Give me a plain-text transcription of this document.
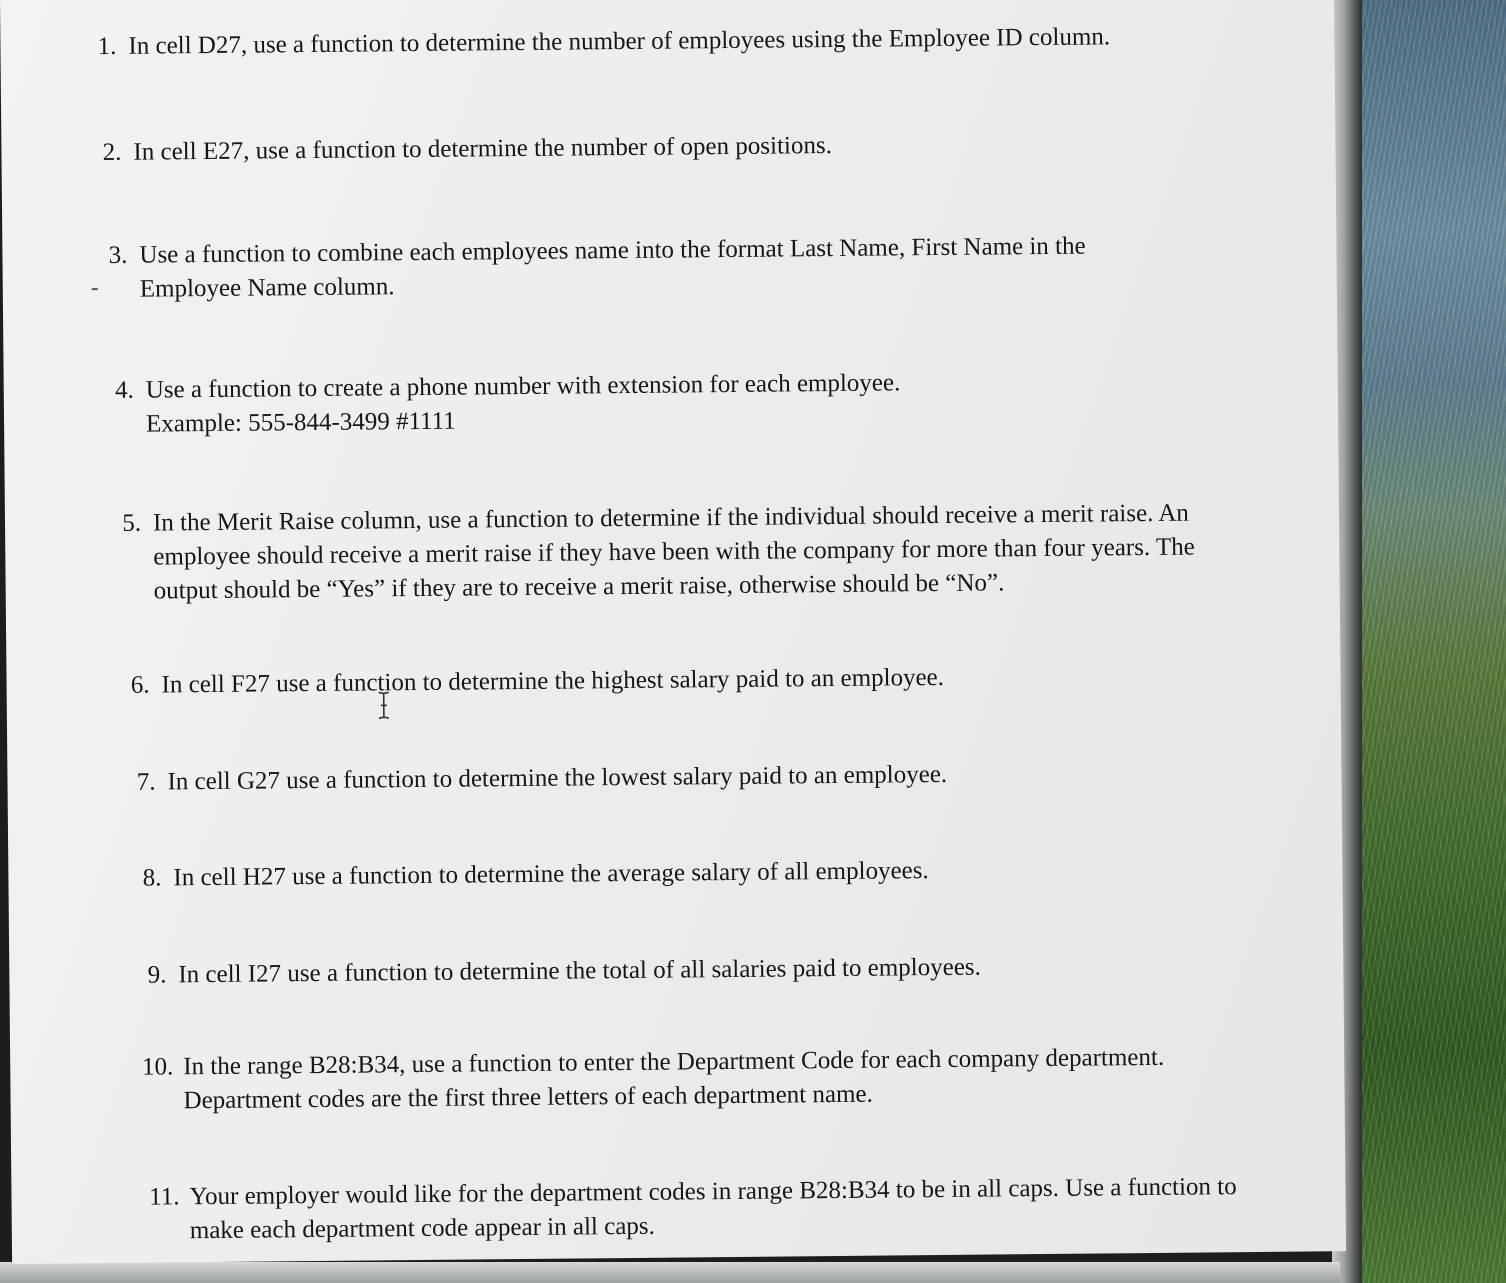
1. In cell D27, use a function to determine the number of employees using the Employee ID column.
2. In cell E27, use a function to determine the number of open positions.
3. Use a function to combine each employees name into the format Last Name, First Name in the
Employee Name column.
4. Use a function to create a phone number with extension for each employee.
Example: 555-844-3499 #1111
5. In the Merit Raise column, use a function to determine if the individual should receive a merit raise. An
employee should receive a merit raise if they have been with the company for more than four years. The
output should be “Yes” if they are to receive a merit raise, otherwise should be “No”.
6. In cell F27 use a function to determine the highest salary paid to an employee.
7. In cell G27 use a function to determine the lowest salary paid to an employee.
8. In cell H27 use a function to determine the average salary of all employees.
9. In cell I27 use a function to determine the total of all salaries paid to employees.
10. In the range B28:B34, use a function to enter the Department Code for each company department.
Department codes are the first three letters of each department name.
11. Your employer would like for the department codes in range B28:B34 to be in all caps. Use a function to
make each department code appear in all caps.
